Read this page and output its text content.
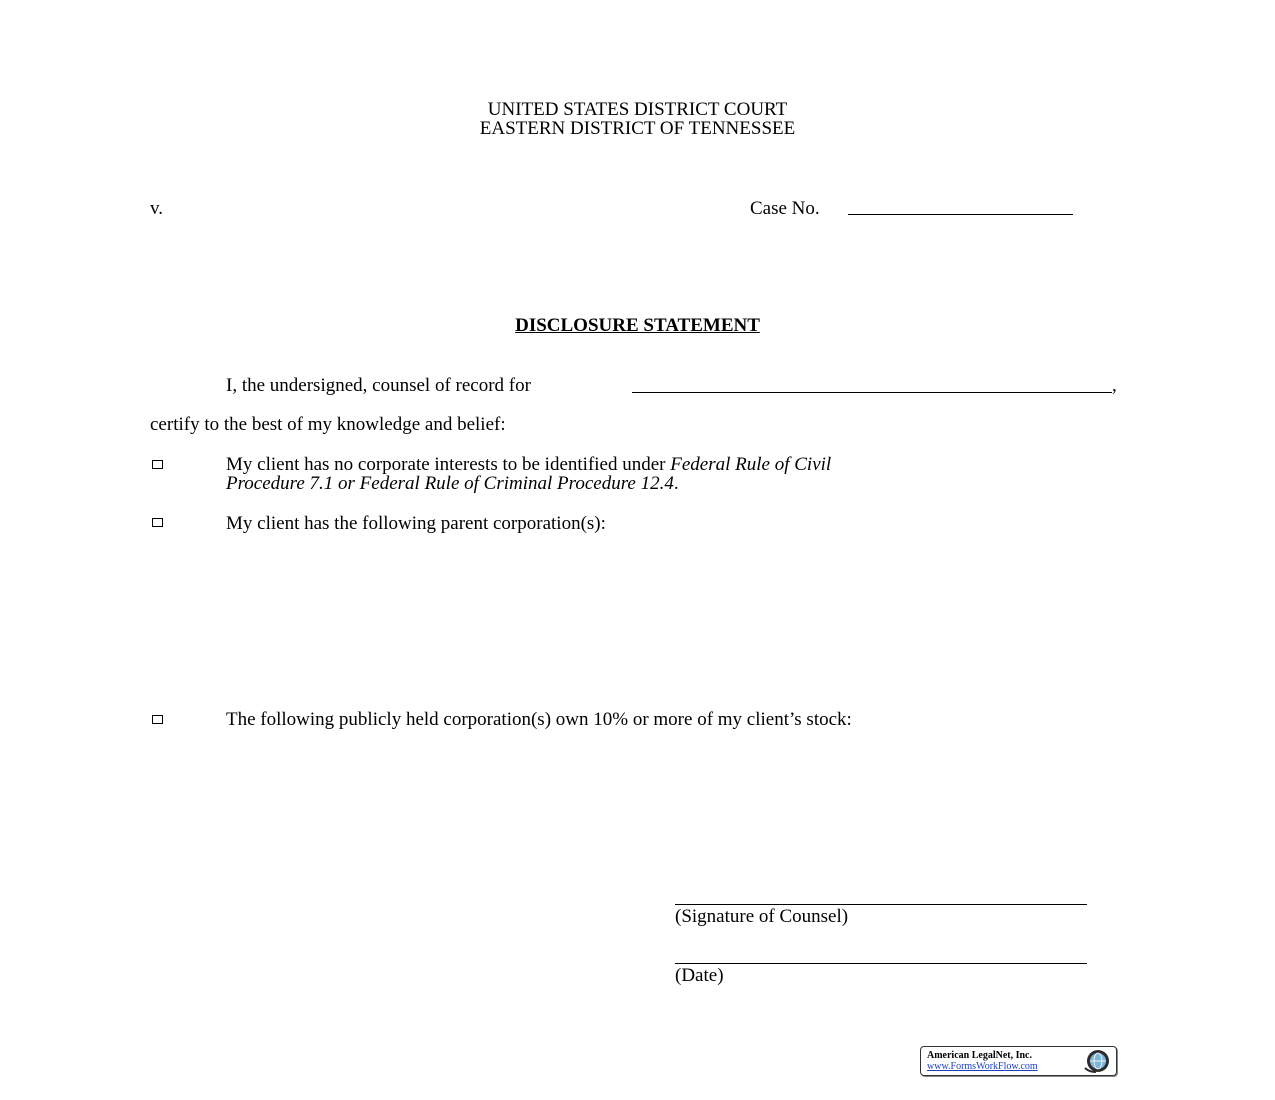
UNITED STATES DISTRICT COURT
EASTERN DISTRICT OF TENNESSEE
v.	Case No.
DISCLOSURE STATEMENT
I, the undersigned, counsel of record for	,
certify to the best of my knowledge and belief:
My client has no corporate interests to be identified under Federal Rule of Civil
Procedure 7.1 or Federal Rule of Criminal Procedure 12.4.
My client has the following parent corporation(s):
The following publicly held corporation(s) own 10% or more of my client’s stock:
(Signature of Counsel)
(Date)
American LegalNet, Inc.
www.FormsWorkFlow.com
